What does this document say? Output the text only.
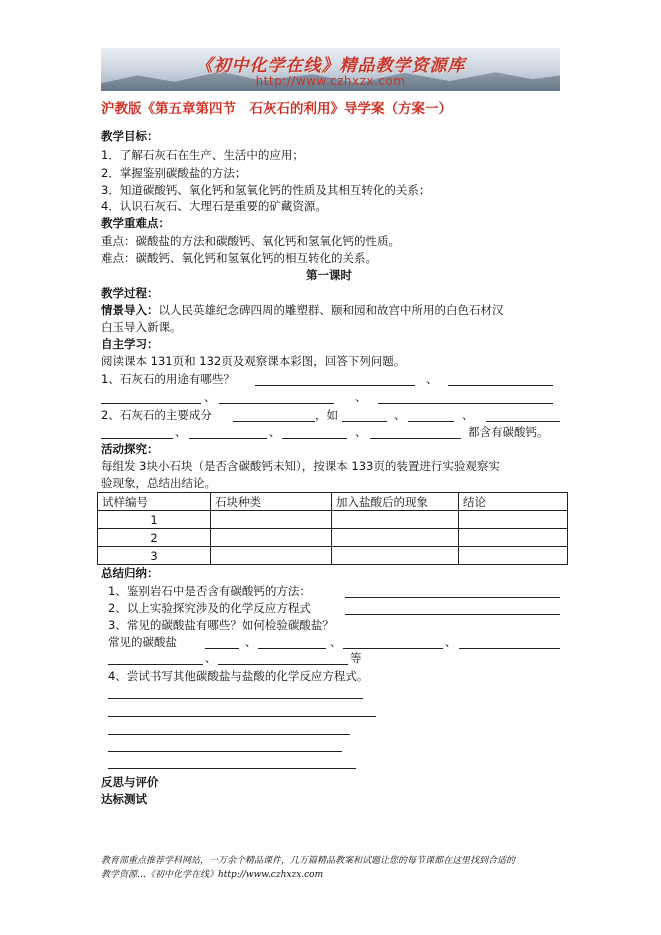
《初中化学在线》精品教学资源库
http://www.czhxzx.com
沪教版《第五章第四节　石灰石的利用》导学案（方案一）
教学目标：
1．了解石灰石在生产、生活中的应用；
2．掌握鉴别碳酸盐的方法；
3．知道碳酸钙、氧化钙和氢氧化钙的性质及其相互转化的关系；
4．认识石灰石、大理石是重要的矿藏资源。
教学重难点：
重点：碳酸盐的方法和碳酸钙、氧化钙和氢氧化钙的性质。
难点：碳酸钙、氧化钙和氢氧化钙的相互转化的关系。
第一课时
教学过程：
情景导入：以人民英雄纪念碑四周的雕塑群、颐和园和故宫中所用的白色石材汉
白玉导入新课。
自主学习：
阅读课本 131页和 132页及观察课本彩图，回答下列问题。
1、石灰石的用途有哪些？	、
、	、
2、石灰石的主要成分	，如	、	、
、	、	、	都含有碳酸钙。
活动探究：
每组发 3块小石块（是否含碳酸钙未知），按课本 133页的装置进行实验观察实
验现象，总结出结论。
试样编号	石块种类	加入盐酸后的现象	结论
1			
2			
3			
总结归纳：
1、鉴别岩石中是否含有碳酸钙的方法：
2、以上实验探究涉及的化学反应方程式
3、常见的碳酸盐有哪些？如何检验碳酸盐？
常见的碳酸盐	、	、	、
、	等
4、尝试书写其他碳酸盐与盐酸的化学反应方程式。
反思与评价
达标测试
教育部重点推荐学科网站，一万余个精品课件，几万篇精品教案和试题让您的每节课都在这里找到合适的
教学资源…《初中化学在线》http://www.czhxzx.com
